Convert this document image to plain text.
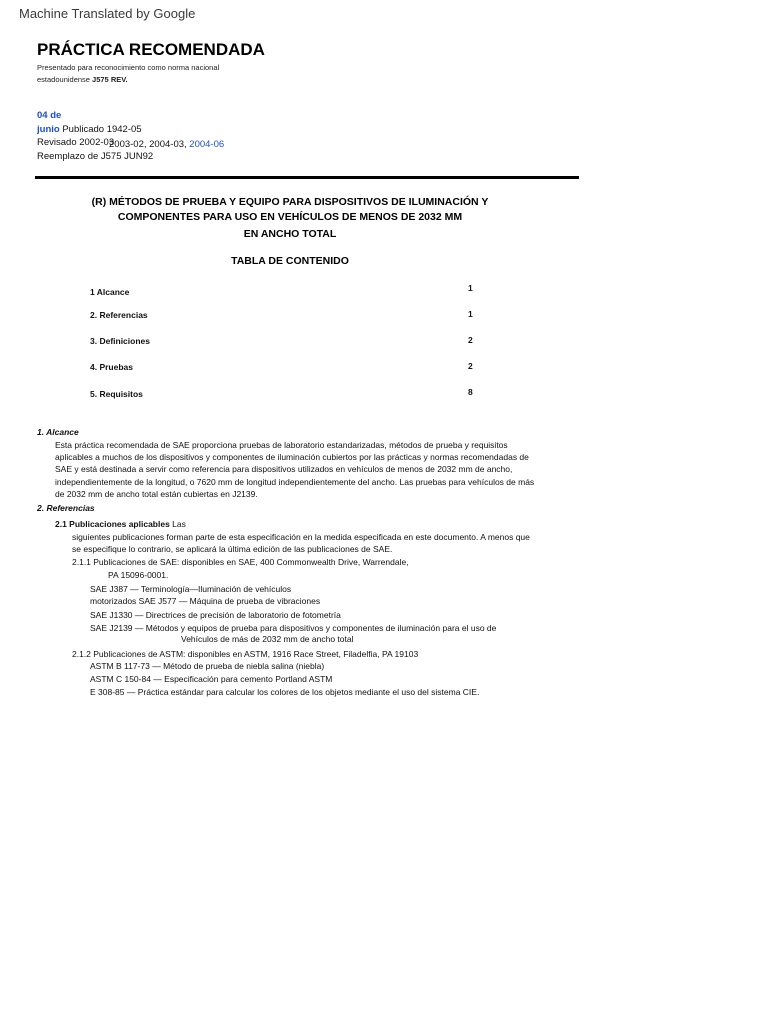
Machine Translated by Google
PRÁCTICA RECOMENDADA
Presentado para reconocimiento como norma nacional
estadounidense J575 REV.
04 de
junio Publicado 1942-05
Revisado 2002-03
2003-02, 2004-03, 2004-06
Reemplazo de J575 JUN92
(R) MÉTODOS DE PRUEBA Y EQUIPO PARA DISPOSITIVOS DE ILUMINACIÓN Y
COMPONENTES PARA USO EN VEHÍCULOS DE MENOS DE 2032 MM
EN ANCHO TOTAL
TABLA DE CONTENIDO
1 Alcance	1
2. Referencias	1
3. Definiciones	2
4. Pruebas	2
5. Requisitos	8
1. Alcance
Esta práctica recomendada de SAE proporciona pruebas de laboratorio estandarizadas, métodos de prueba y requisitos
aplicables a muchos de los dispositivos y componentes de iluminación cubiertos por las prácticas y normas recomendadas de
SAE y está destinada a servir como referencia para dispositivos utilizados en vehículos de menos de 2032 mm de ancho,
independientemente de la longitud, o 7620 mm de longitud independientemente del ancho. Las pruebas para vehículos de más
de 2032 mm de ancho total están cubiertas en J2139.
2. Referencias
2.1 Publicaciones aplicables Las
siguientes publicaciones forman parte de esta especificación en la medida especificada en este documento. A menos que
se especifique lo contrario, se aplicará la última edición de las publicaciones de SAE.
2.1.1 Publicaciones de SAE: disponibles en SAE, 400 Commonwealth Drive, Warrendale,
PA 15096-0001.
SAE J387 — Terminología—Iluminación de vehículos
motorizados SAE J577 — Máquina de prueba de vibraciones
SAE J1330 — Directrices de precisión de laboratorio de fotometría
SAE J2139 — Métodos y equipos de prueba para dispositivos y componentes de iluminación para el uso de
Vehículos de más de 2032 mm de ancho total
2.1.2 Publicaciones de ASTM: disponibles en ASTM, 1916 Race Street, Filadelfia, PA 19103
ASTM B 117-73 — Método de prueba de niebla salina (niebla)
ASTM C 150-84 — Especificación para cemento Portland ASTM
E 308-85 — Práctica estándar para calcular los colores de los objetos mediante el uso del sistema CIE.
